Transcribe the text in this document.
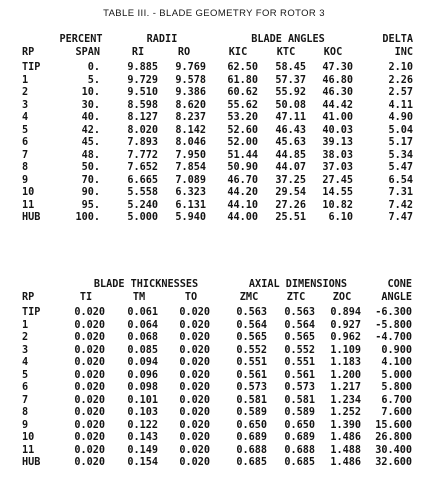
TABLE III. - BLADE GEOMETRY FOR ROTOR 3
PERCENT	RADII	BLADE ANGLES	DELTA
RP	SPAN	RI	RO	KIC	KTC	KOC	INC
TIP	0.	9.885	9.769	62.50	58.45	47.30	2.10
1	5.	9.729	9.578	61.80	57.37	46.80	2.26
2	10.	9.510	9.386	60.62	55.92	46.30	2.57
3	30.	8.598	8.620	55.62	50.08	44.42	4.11
4	40.	8.127	8.237	53.20	47.11	41.00	4.90
5	42.	8.020	8.142	52.60	46.43	40.03	5.04
6	45.	7.893	8.046	52.00	45.63	39.13	5.17
7	48.	7.772	7.950	51.44	44.85	38.03	5.34
8	50.	7.652	7.854	50.90	44.07	37.03	5.47
9	70.	6.665	7.089	46.70	37.25	27.45	6.54
10	90.	5.558	6.323	44.20	29.54	14.55	7.31
11	95.	5.240	6.131	44.10	27.26	10.82	7.42
HUB	100.	5.000	5.940	44.00	25.51	6.10	7.47
BLADE THICKNESSES	AXIAL DIMENSIONS	CONE
RP	TI	TM	TO	ZMC	ZTC	ZOC	ANGLE
TIP	0.020	0.061	0.020	0.563	0.563	0.894	-6.300
1	0.020	0.064	0.020	0.564	0.564	0.927	-5.800
2	0.020	0.068	0.020	0.565	0.565	0.962	-4.700
3	0.020	0.085	0.020	0.552	0.552	1.109	0.900
4	0.020	0.094	0.020	0.551	0.551	1.183	4.100
5	0.020	0.096	0.020	0.561	0.561	1.200	5.000
6	0.020	0.098	0.020	0.573	0.573	1.217	5.800
7	0.020	0.101	0.020	0.581	0.581	1.234	6.700
8	0.020	0.103	0.020	0.589	0.589	1.252	7.600
9	0.020	0.122	0.020	0.650	0.650	1.390	15.600
10	0.020	0.143	0.020	0.689	0.689	1.486	26.800
11	0.020	0.149	0.020	0.688	0.688	1.488	30.400
HUB	0.020	0.154	0.020	0.685	0.685	1.486	32.600
